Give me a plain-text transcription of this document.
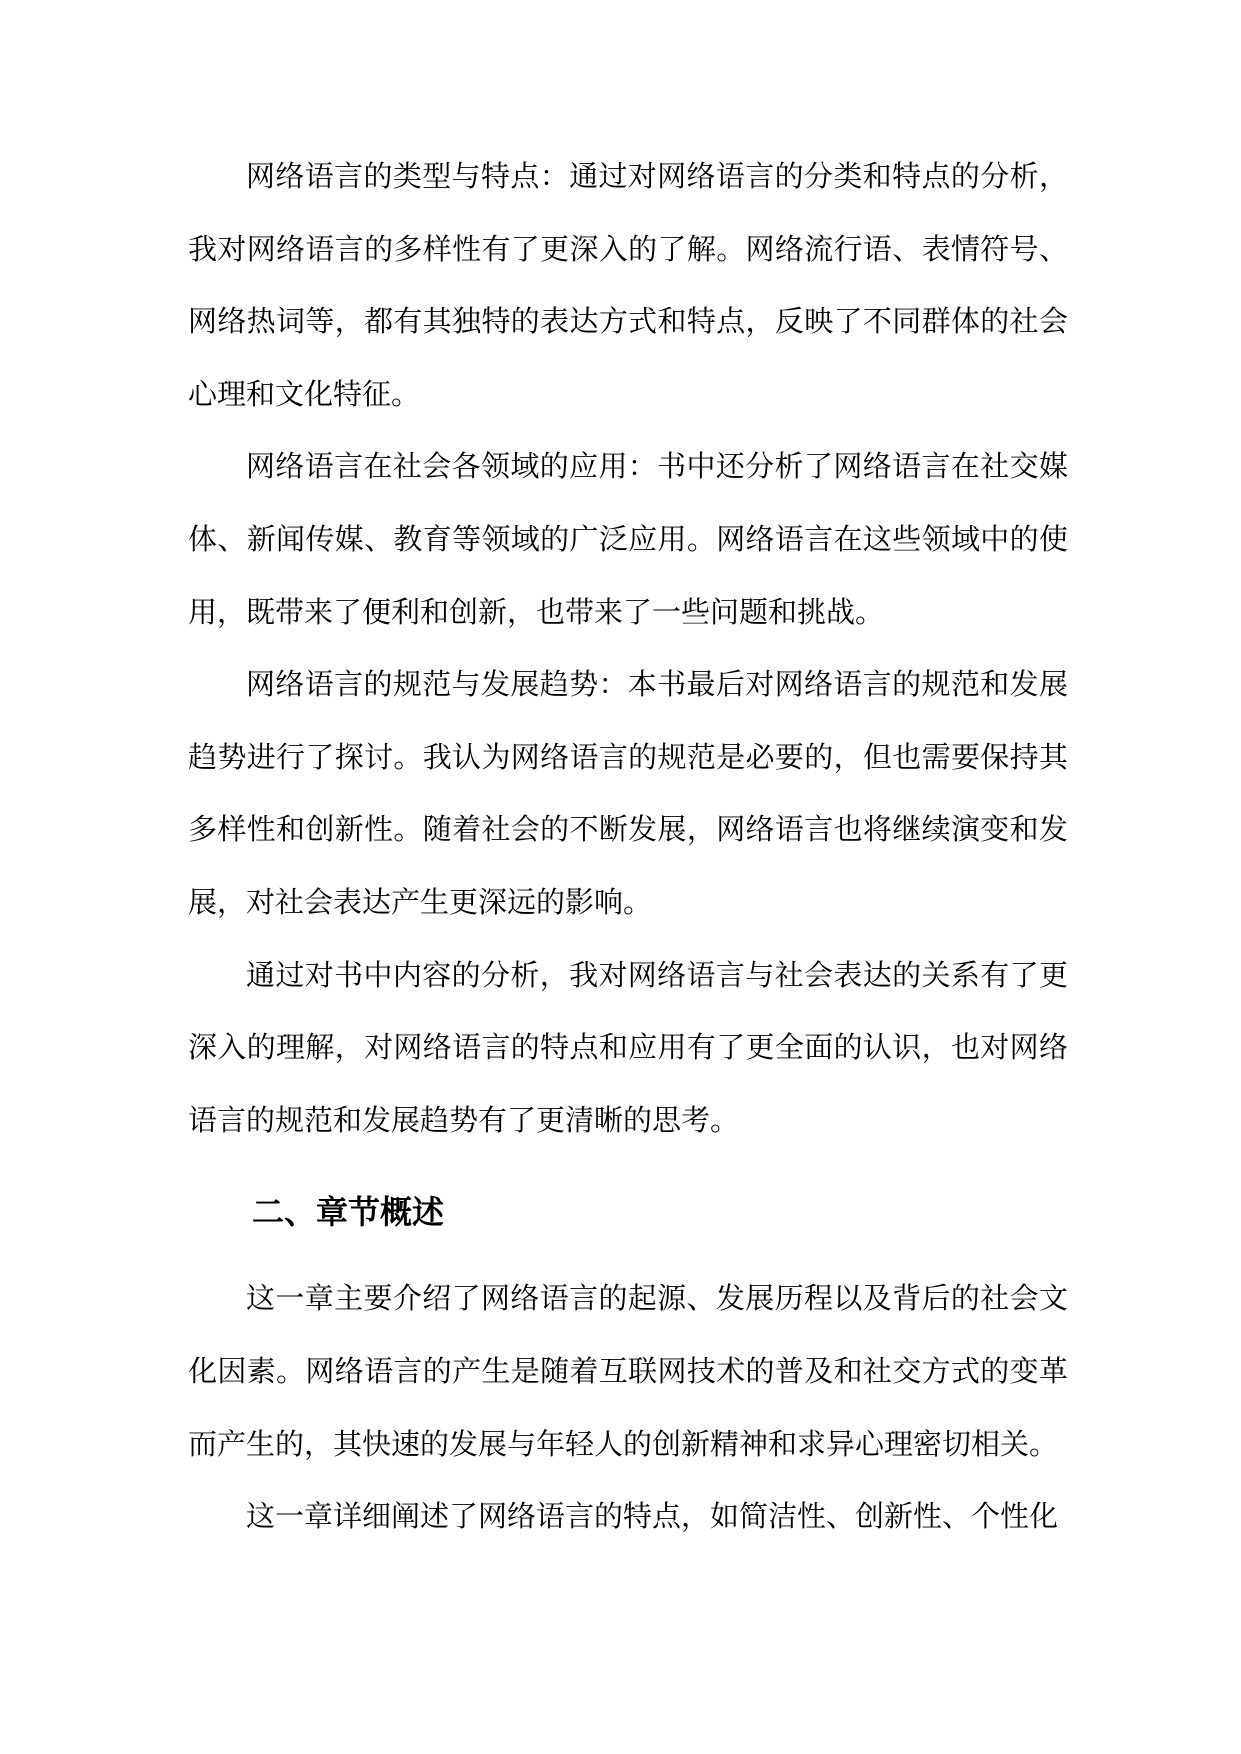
网络语言的类型与特点：通过对网络语言的分类和特点的分析，我对网络语言的多样性有了更深入的了解。网络流行语、表情符号、网络热词等，都有其独特的表达方式和特点，反映了不同群体的社会心理和文化特征。

网络语言在社会各领域的应用：书中还分析了网络语言在社交媒体、新闻传媒、教育等领域的广泛应用。网络语言在这些领域中的使用，既带来了便利和创新，也带来了一些问题和挑战。

网络语言的规范与发展趋势：本书最后对网络语言的规范和发展趋势进行了探讨。我认为网络语言的规范是必要的，但也需要保持其多样性和创新性。随着社会的不断发展，网络语言也将继续演变和发展，对社会表达产生更深远的影响。

通过对书中内容的分析，我对网络语言与社会表达的关系有了更深入的理解，对网络语言的特点和应用有了更全面的认识，也对网络语言的规范和发展趋势有了更清晰的思考。

二、章节概述

这一章主要介绍了网络语言的起源、发展历程以及背后的社会文化因素。网络语言的产生是随着互联网技术的普及和社交方式的变革而产生的，其快速的发展与年轻人的创新精神和求异心理密切相关。

这一章详细阐述了网络语言的特点，如简洁性、创新性、个性化
